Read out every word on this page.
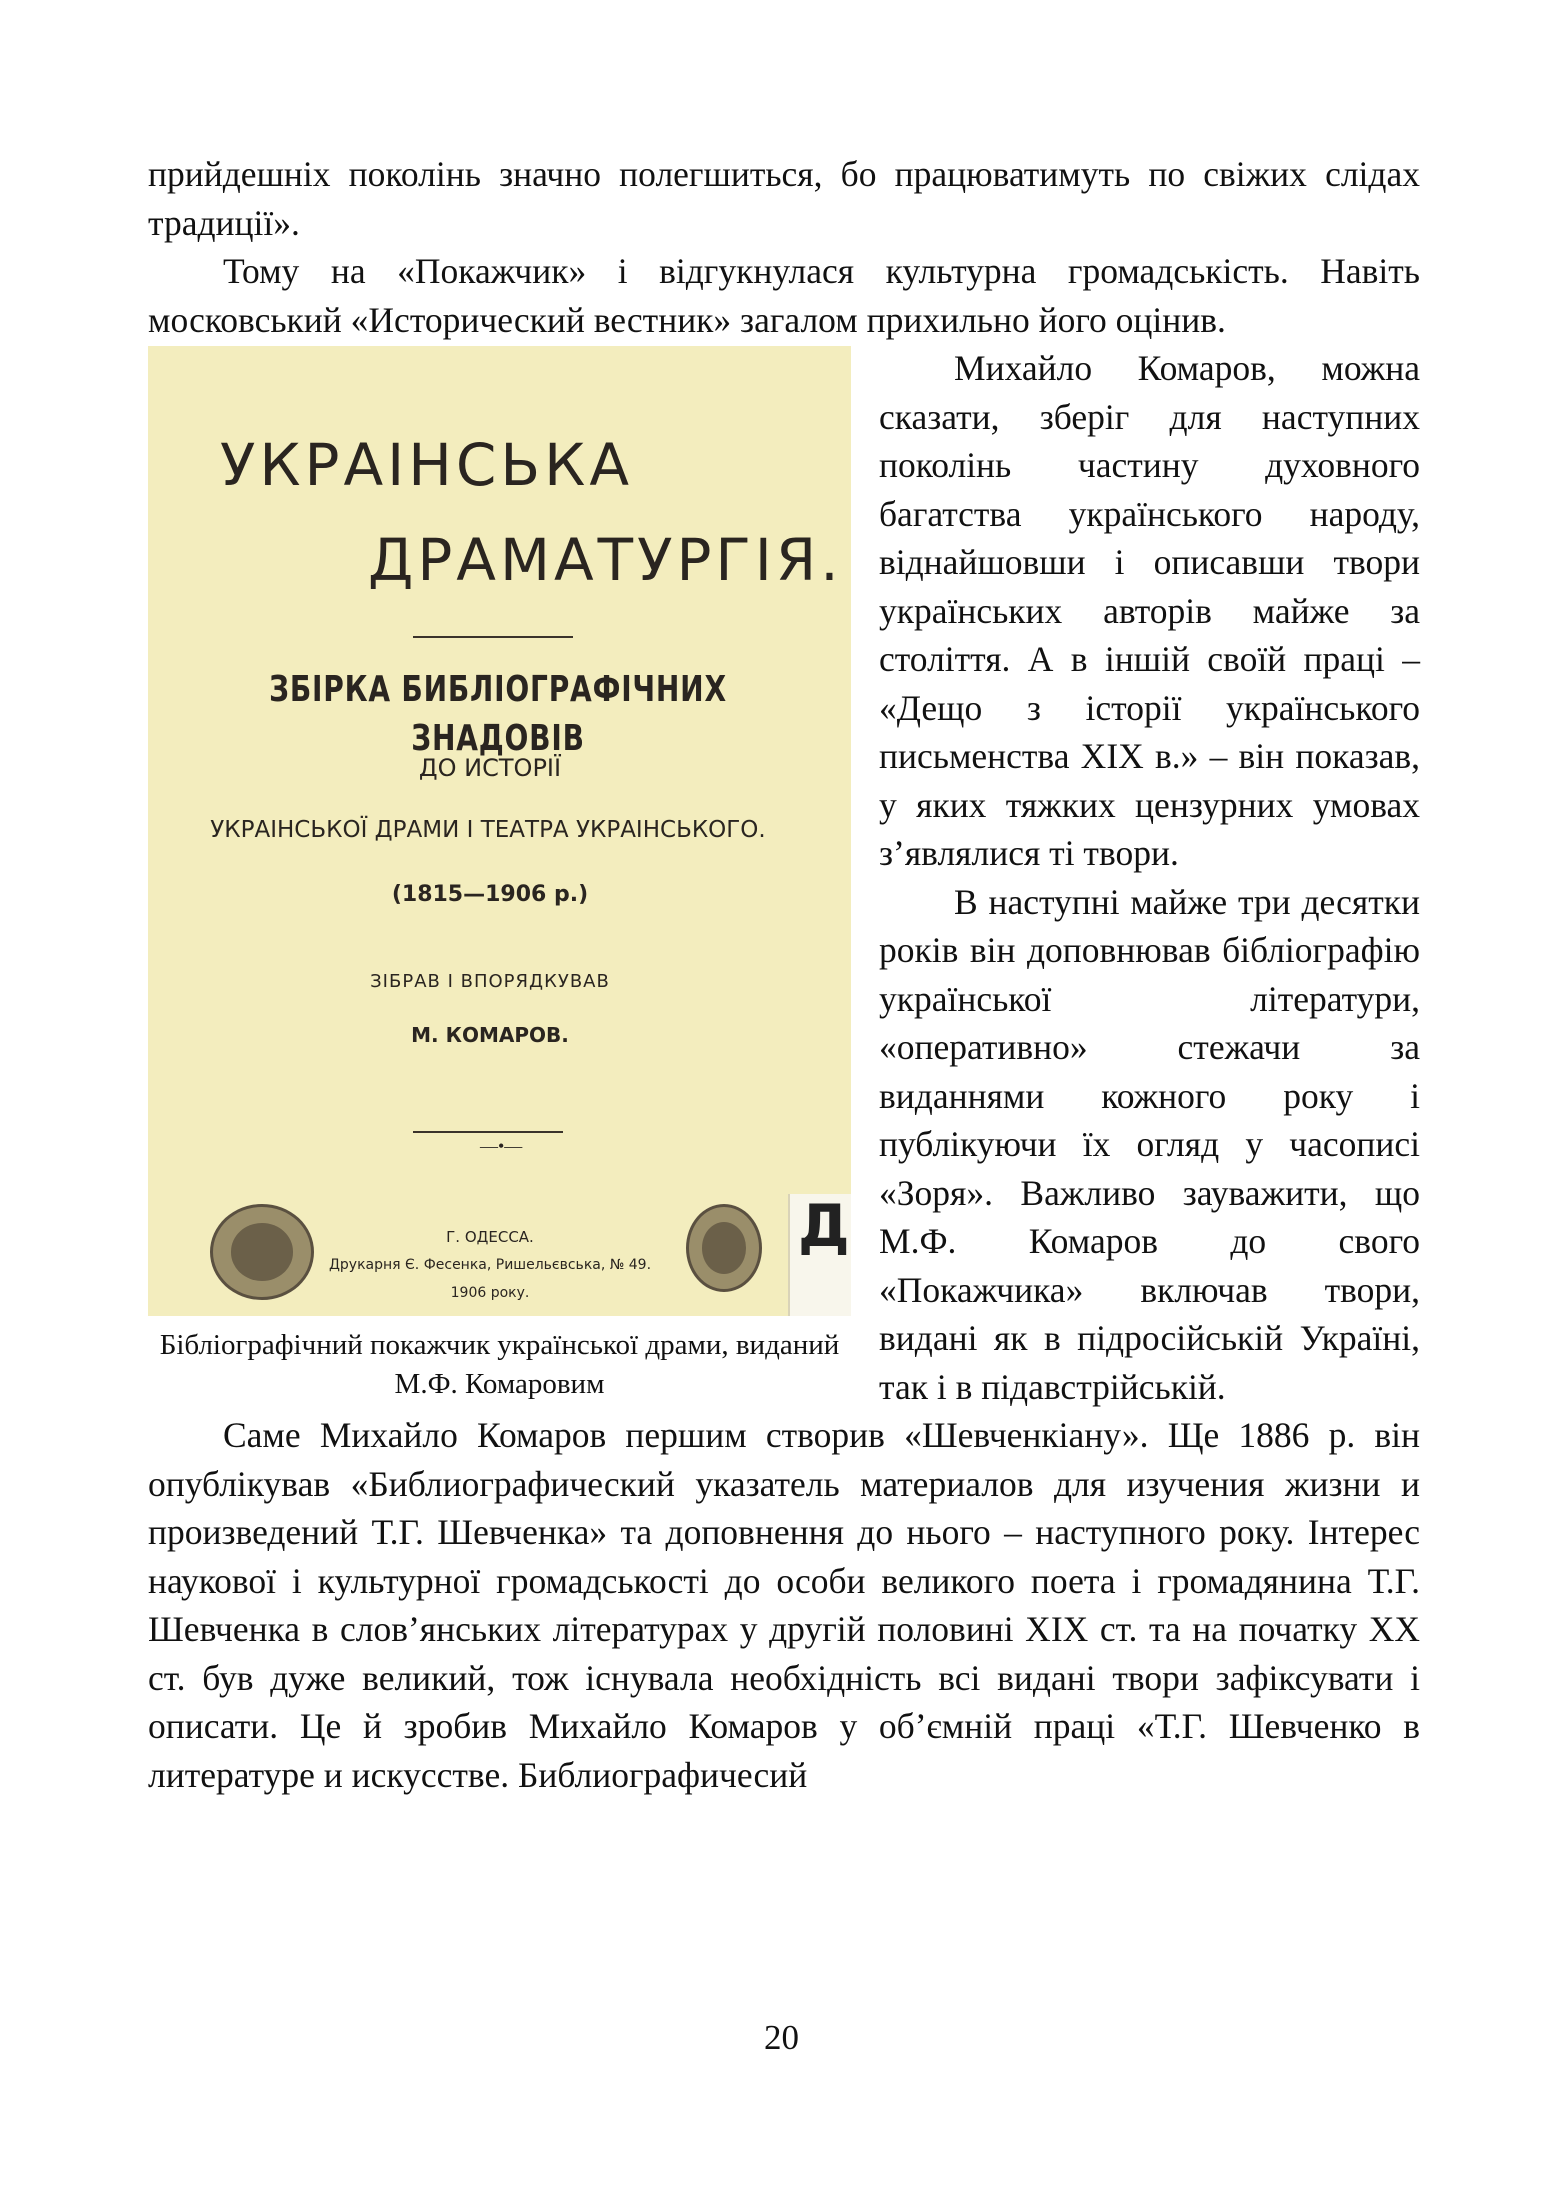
прийдешніх поколінь значно полегшиться, бо працюватимуть по свіжих слідах традиції».

Тому на «Покажчик» і відгукнулася культурна громадськість. Навіть московський «Исторический вестник» загалом прихильно його оцінив.

УКРАІНСЬКА
ДРАМАТУРГІЯ.
ЗБІРКА БИБЛІОГРАФІЧНИХ ЗНАДОВІВ
ДО ИСТОРІЇ
УКРАІНСЬКОЇ ДРАМИ І ТЕАТРА УКРАІНСЬКОГО.
(1815—1906 р.)
ЗІБРАВ І ВПОРЯДКУВАВ
М. КОМАРОВ.
—•—
Г. ОДЕССА.
Друкарня Є. Фесенка, Ришельєвська, № 49.
1906 року.
Д
Бібліографічний покажчик української драми, виданий М.Ф. Комаровим

Михайло Комаров, можна сказати, зберіг для наступних поколінь частину духовного багатства українського народу, віднайшовши і описавши твори українських авторів майже за століття. А в іншій своїй праці – «Дещо з історії українського письменства XIX в.» – він показав, у яких тяжких цензурних умовах з’являлися ті твори.

В наступні майже три десятки років він доповнював бібліографію української літератури, «оперативно» стежачи за виданнями кожного року і публікуючи їх огляд у часописі «Зоря». Важливо зауважити, що М.Ф. Комаров до свого «Покажчика» включав твори, видані як в підросійській Україні, так і в підавстрійській.

Саме Михайло Комаров першим створив «Шевченкіану». Ще 1886 р. він опублікував «Библиографический указатель материалов для изучения жизни и произведений Т.Г. Шевченка» та доповнення до нього – наступного року. Інтерес наукової і культурної громадськості до особи великого поета і громадянина Т.Г. Шевченка в слов’янських літературах у другій половині XIX ст. та на початку XX ст. був дуже великий, тож існувала необхідність всі видані твори зафіксувати і описати. Це й зробив Михайло Комаров у об’ємній праці «Т.Г. Шевченко в литературе и искусстве. Библиографичесий

20
